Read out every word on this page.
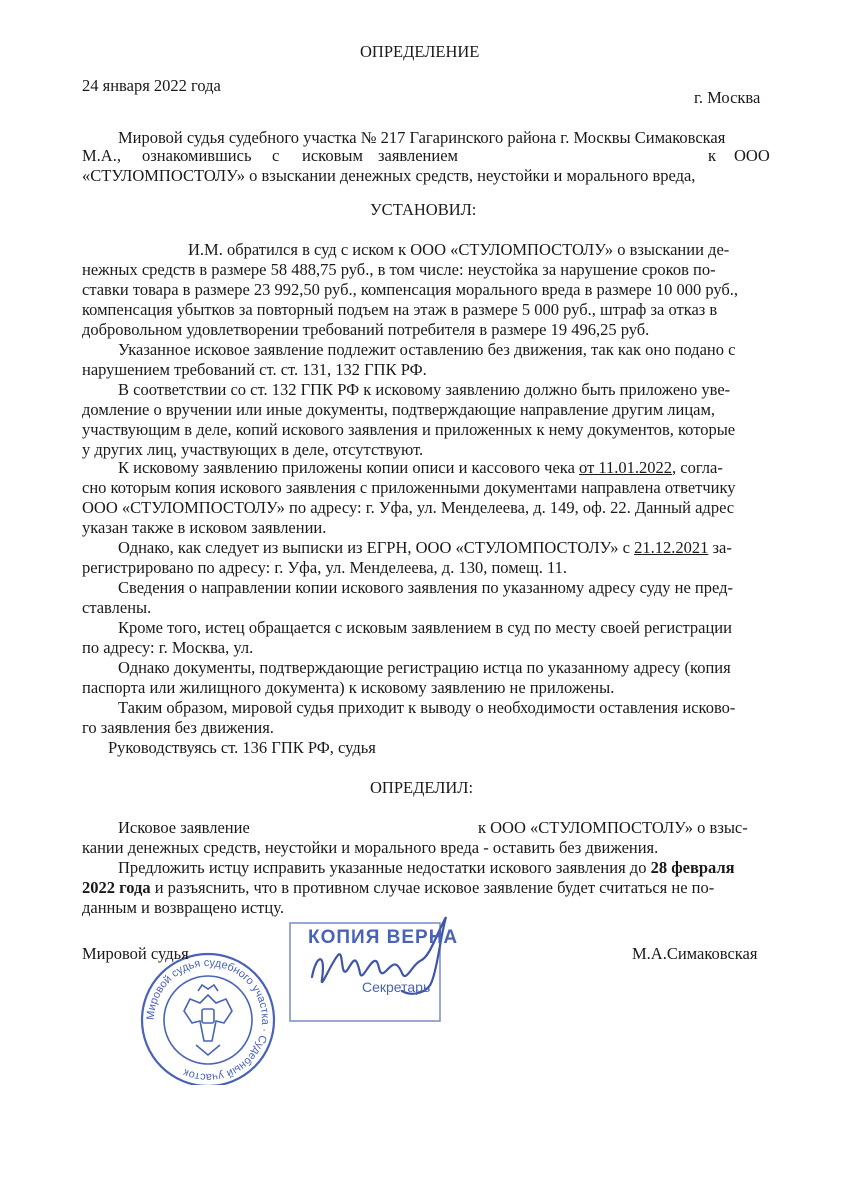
ОПРЕДЕЛЕНИЕ
24 января 2022 года
г. Москва
Мировой судья судебного участка № 217 Гагаринского района г. Москвы Симаковская
М.А., ознакомившись с исковым заявлением	к ООО
«СТУЛОМПОСТОЛУ» о взыскании денежных средств, неустойки и морального вреда,
УСТАНОВИЛ:
И.М. обратился в суд с иском к ООО «СТУЛОМПОСТОЛУ» о взыскании де-
нежных средств в размере 58 488,75 руб., в том числе: неустойка за нарушение сроков по-
ставки товара в размере 23 992,50 руб., компенсация морального вреда в размере 10 000 руб.,
компенсация убытков за повторный подъем на этаж в размере 5 000 руб., штраф за отказ в
добровольном удовлетворении требований потребителя в размере 19 496,25 руб.
Указанное исковое заявление подлежит оставлению без движения, так как оно подано с
нарушением требований ст. ст. 131, 132 ГПК РФ.
В соответствии со ст. 132 ГПК РФ к исковому заявлению должно быть приложено уве-
домление о вручении или иные документы, подтверждающие направление другим лицам,
участвующим в деле, копий искового заявления и приложенных к нему документов, которые
у других лиц, участвующих в деле, отсутствуют.
К исковому заявлению приложены копии описи и кассового чека от 11.01.2022, согла-
сно которым копия искового заявления с приложенными документами направлена ответчику
ООО «СТУЛОМПОСТОЛУ» по адресу: г. Уфа, ул. Менделеева, д. 149, оф. 22. Данный адрес
указан также в исковом заявлении.
Однако, как следует из выписки из ЕГРН, ООО «СТУЛОМПОСТОЛУ» с 21.12.2021 за-
регистрировано по адресу: г. Уфа, ул. Менделеева, д. 130, помещ. 11.
Сведения о направлении копии искового заявления по указанному адресу суду не пред-
ставлены.
Кроме того, истец обращается с исковым заявлением в суд по месту своей регистрации
по адресу: г. Москва, ул.
Однако документы, подтверждающие регистрацию истца по указанному адресу (копия
паспорта или жилищного документа) к исковому заявлению не приложены.
Таким образом, мировой судья приходит к выводу о необходимости оставления исково-
го заявления без движения.
Руководствуясь ст. 136 ГПК РФ, судья
ОПРЕДЕЛИЛ:
Исковое заявление	к ООО «СТУЛОМПОСТОЛУ» о взыс-
кании денежных средств, неустойки и морального вреда - оставить без движения.
Предложить истцу исправить указанные недостатки искового заявления до 28 февраля
2022 года и разъяснить, что в противном случае исковое заявление будет считаться не по-
данным и возвращено истцу.
Мировой судья судебного участка · Судебный участок
КОПИЯ ВЕРНА
Секретарь
Мировой судья	М.А.Симаковская
